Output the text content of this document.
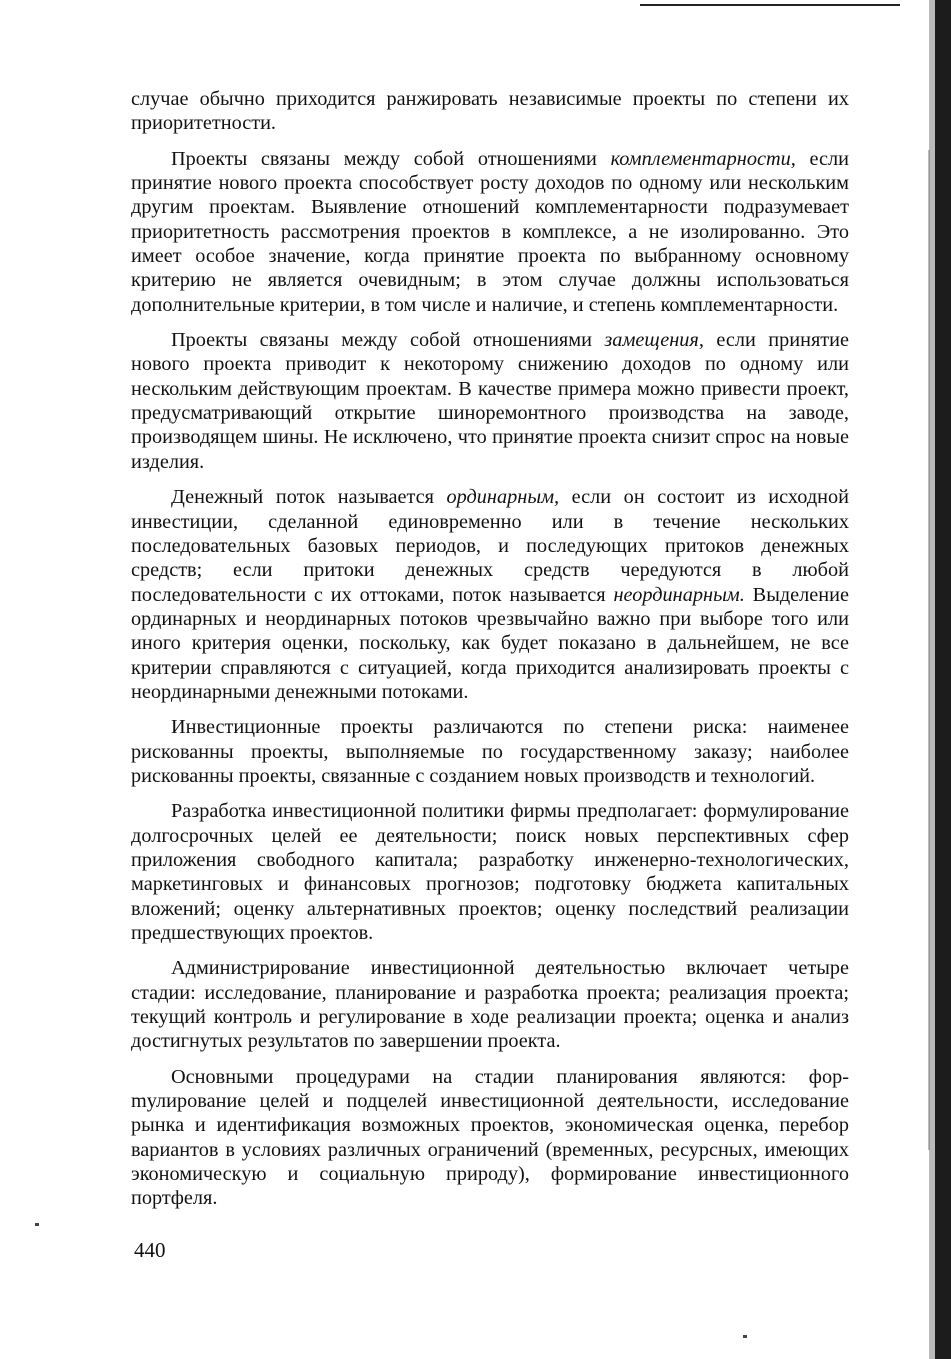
случае обычно приходится ранжировать независимые проекты по степени их приоритетности.

Проекты связаны между собой отношениями комплементарности, если принятие нового проекта способствует росту доходов по одному или нескольким другим проектам. Выявление отношений комплементарности подразумевает приоритетность рассмотрения проектов в комплексе, а не изолированно. Это имеет особое значение, когда принятие проекта по выбранному основному критерию не является очевидным; в этом случае должны использоваться дополнительные критерии, в том числе и наличие, и степень комплементарности.

Проекты связаны между собой отношениями замещения, если принятие нового проекта приводит к некоторому снижению доходов по одному или нескольким действующим проектам. В качестве примера можно привести проект, предусматривающий открытие шиноремонтного производства на заводе, производящем шины. Не исключено, что принятие проекта снизит спрос на новые изделия.

Денежный поток называется ординарным, если он состоит из исходной инвестиции, сделанной единовременно или в течение нескольких последовательных базовых периодов, и последующих притоков денежных средств; если притоки денежных средств чередуются в любой последовательности с их оттоками, поток называется неординарным. Выделение ординарных и неординарных потоков чрезвычайно важно при выборе того или иного критерия оценки, поскольку, как будет показано в дальнейшем, не все критерии справляются с ситуацией, когда приходится анализировать проекты с неординарными денежными потоками.

Инвестиционные проекты различаются по степени риска: наименее рискованны проекты, выполняемые по государственному заказу; наиболее рискованны проекты, связанные с созданием новых производств и технологий.

Разработка инвестиционной политики фирмы предполагает: формулирование долгосрочных целей ее деятельности; поиск новых перспективных сфер приложения свободного капитала; разработку инженерно-технологических, маркетинговых и финансовых прогнозов; подготовку бюджета капитальных вложений; оценку альтернативных проектов; оценку последствий реализации предшествующих проектов.

Администрирование инвестиционной деятельностью включает четыре стадии: исследование, планирование и разработка проекта; реализация проекта; текущий контроль и регулирование в ходе реализации проекта; оценка и анализ достигнутых результатов по завершении проекта.

Основными процедурами на стадии планирования являются: форmулирование целей и подцелей инвестиционной деятельности, исследование рынка и идентификация возможных проектов, экономическая оценка, перебор вариантов в условиях различных ограничений (временных, ресурсных, имеющих экономическую и социальную природу), формирование инвестиционного портфеля.

440
